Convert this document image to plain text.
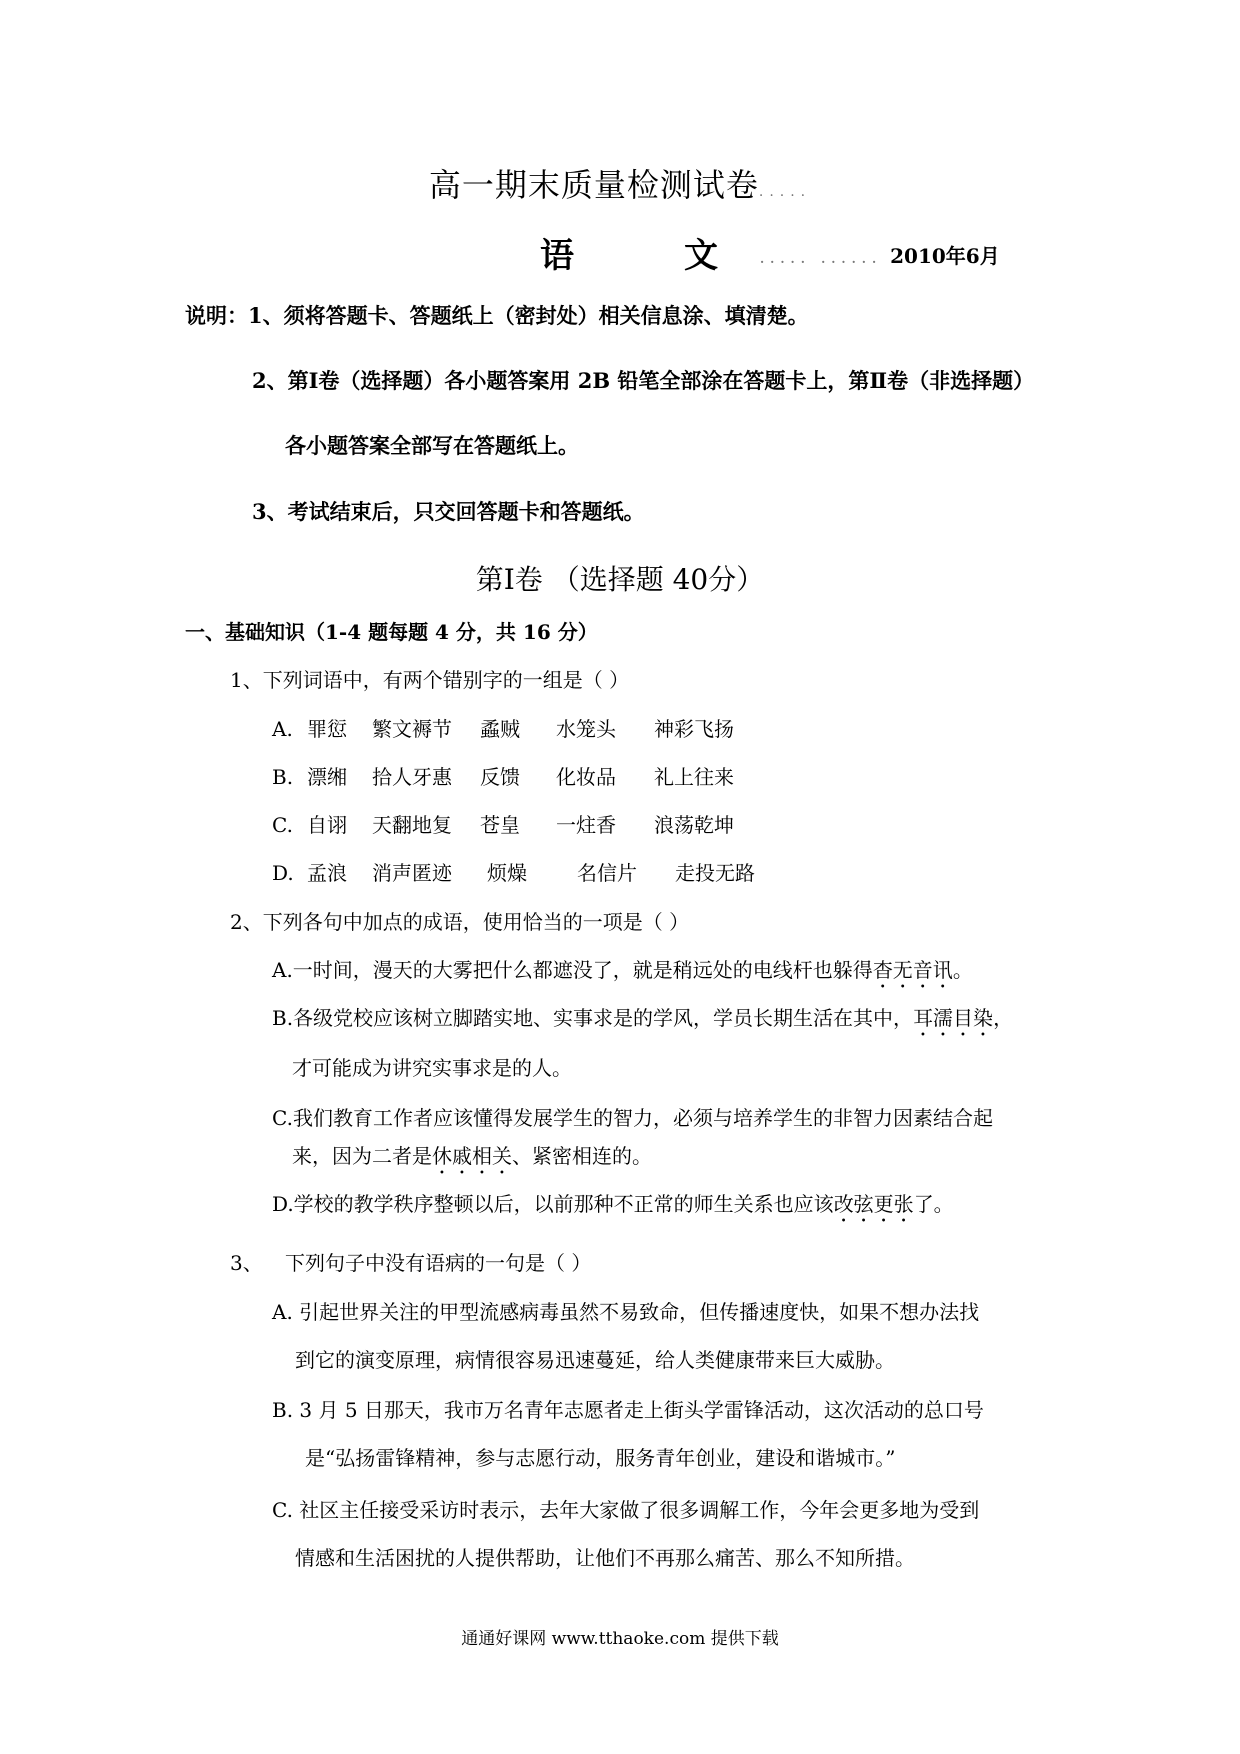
高一期末质量检测试卷.....
语	文	..... ...... 2010年6月
说明：1、须将答题卡、答题纸上（密封处）相关信息涂、填清楚。
2、第Ⅰ卷（选择题）各小题答案用 2B 铅笔全部涂在答题卡上，第Ⅱ卷（非选择题）
各小题答案全部写在答题纸上。
3、考试结束后，只交回答题卡和答题纸。
第Ⅰ卷 （选择题 40分）
一、基础知识（1-4 题每题 4 分，共 16 分）
1、下列词语中，有两个错别字的一组是（ ）
A. 罪愆 繁文褥节 蟊贼 水笼头 神彩飞扬
B. 漂缃 拾人牙惠 反馈 化妆品 礼上往来
C. 自诩 天翻地复 苍皇 一炷香 浪荡乾坤
D. 孟浪 消声匿迹 烦燥	名信片 走投无路
2、下列各句中加点的成语，使用恰当的一项是（ ）
A.一时间，漫天的大雾把什么都遮没了，就是稍远处的电线杆也躲得杳无音讯。
B.各级党校应该树立脚踏实地、实事求是的学风，学员长期生活在其中，耳濡目染，
才可能成为讲究实事求是的人。
C.我们教育工作者应该懂得发展学生的智力，必须与培养学生的非智力因素结合起
来，因为二者是休戚相关、紧密相连的。
D.学校的教学秩序整顿以后，以前那种不正常的师生关系也应该改弦更张了。
3、 下列句子中没有语病的一句是（ ）
A. 引起世界关注的甲型流感病毒虽然不易致命，但传播速度快，如果不想办法找
到它的演变原理，病情很容易迅速蔓延，给人类健康带来巨大威胁。
B. 3 月 5 日那天，我市万名青年志愿者走上街头学雷锋活动，这次活动的总口号
是“弘扬雷锋精神，参与志愿行动，服务青年创业，建设和谐城市。”
C. 社区主任接受采访时表示，去年大家做了很多调解工作，今年会更多地为受到
情感和生活困扰的人提供帮助，让他们不再那么痛苦、那么不知所措。
通通好课网 www.tthaoke.com 提供下载
